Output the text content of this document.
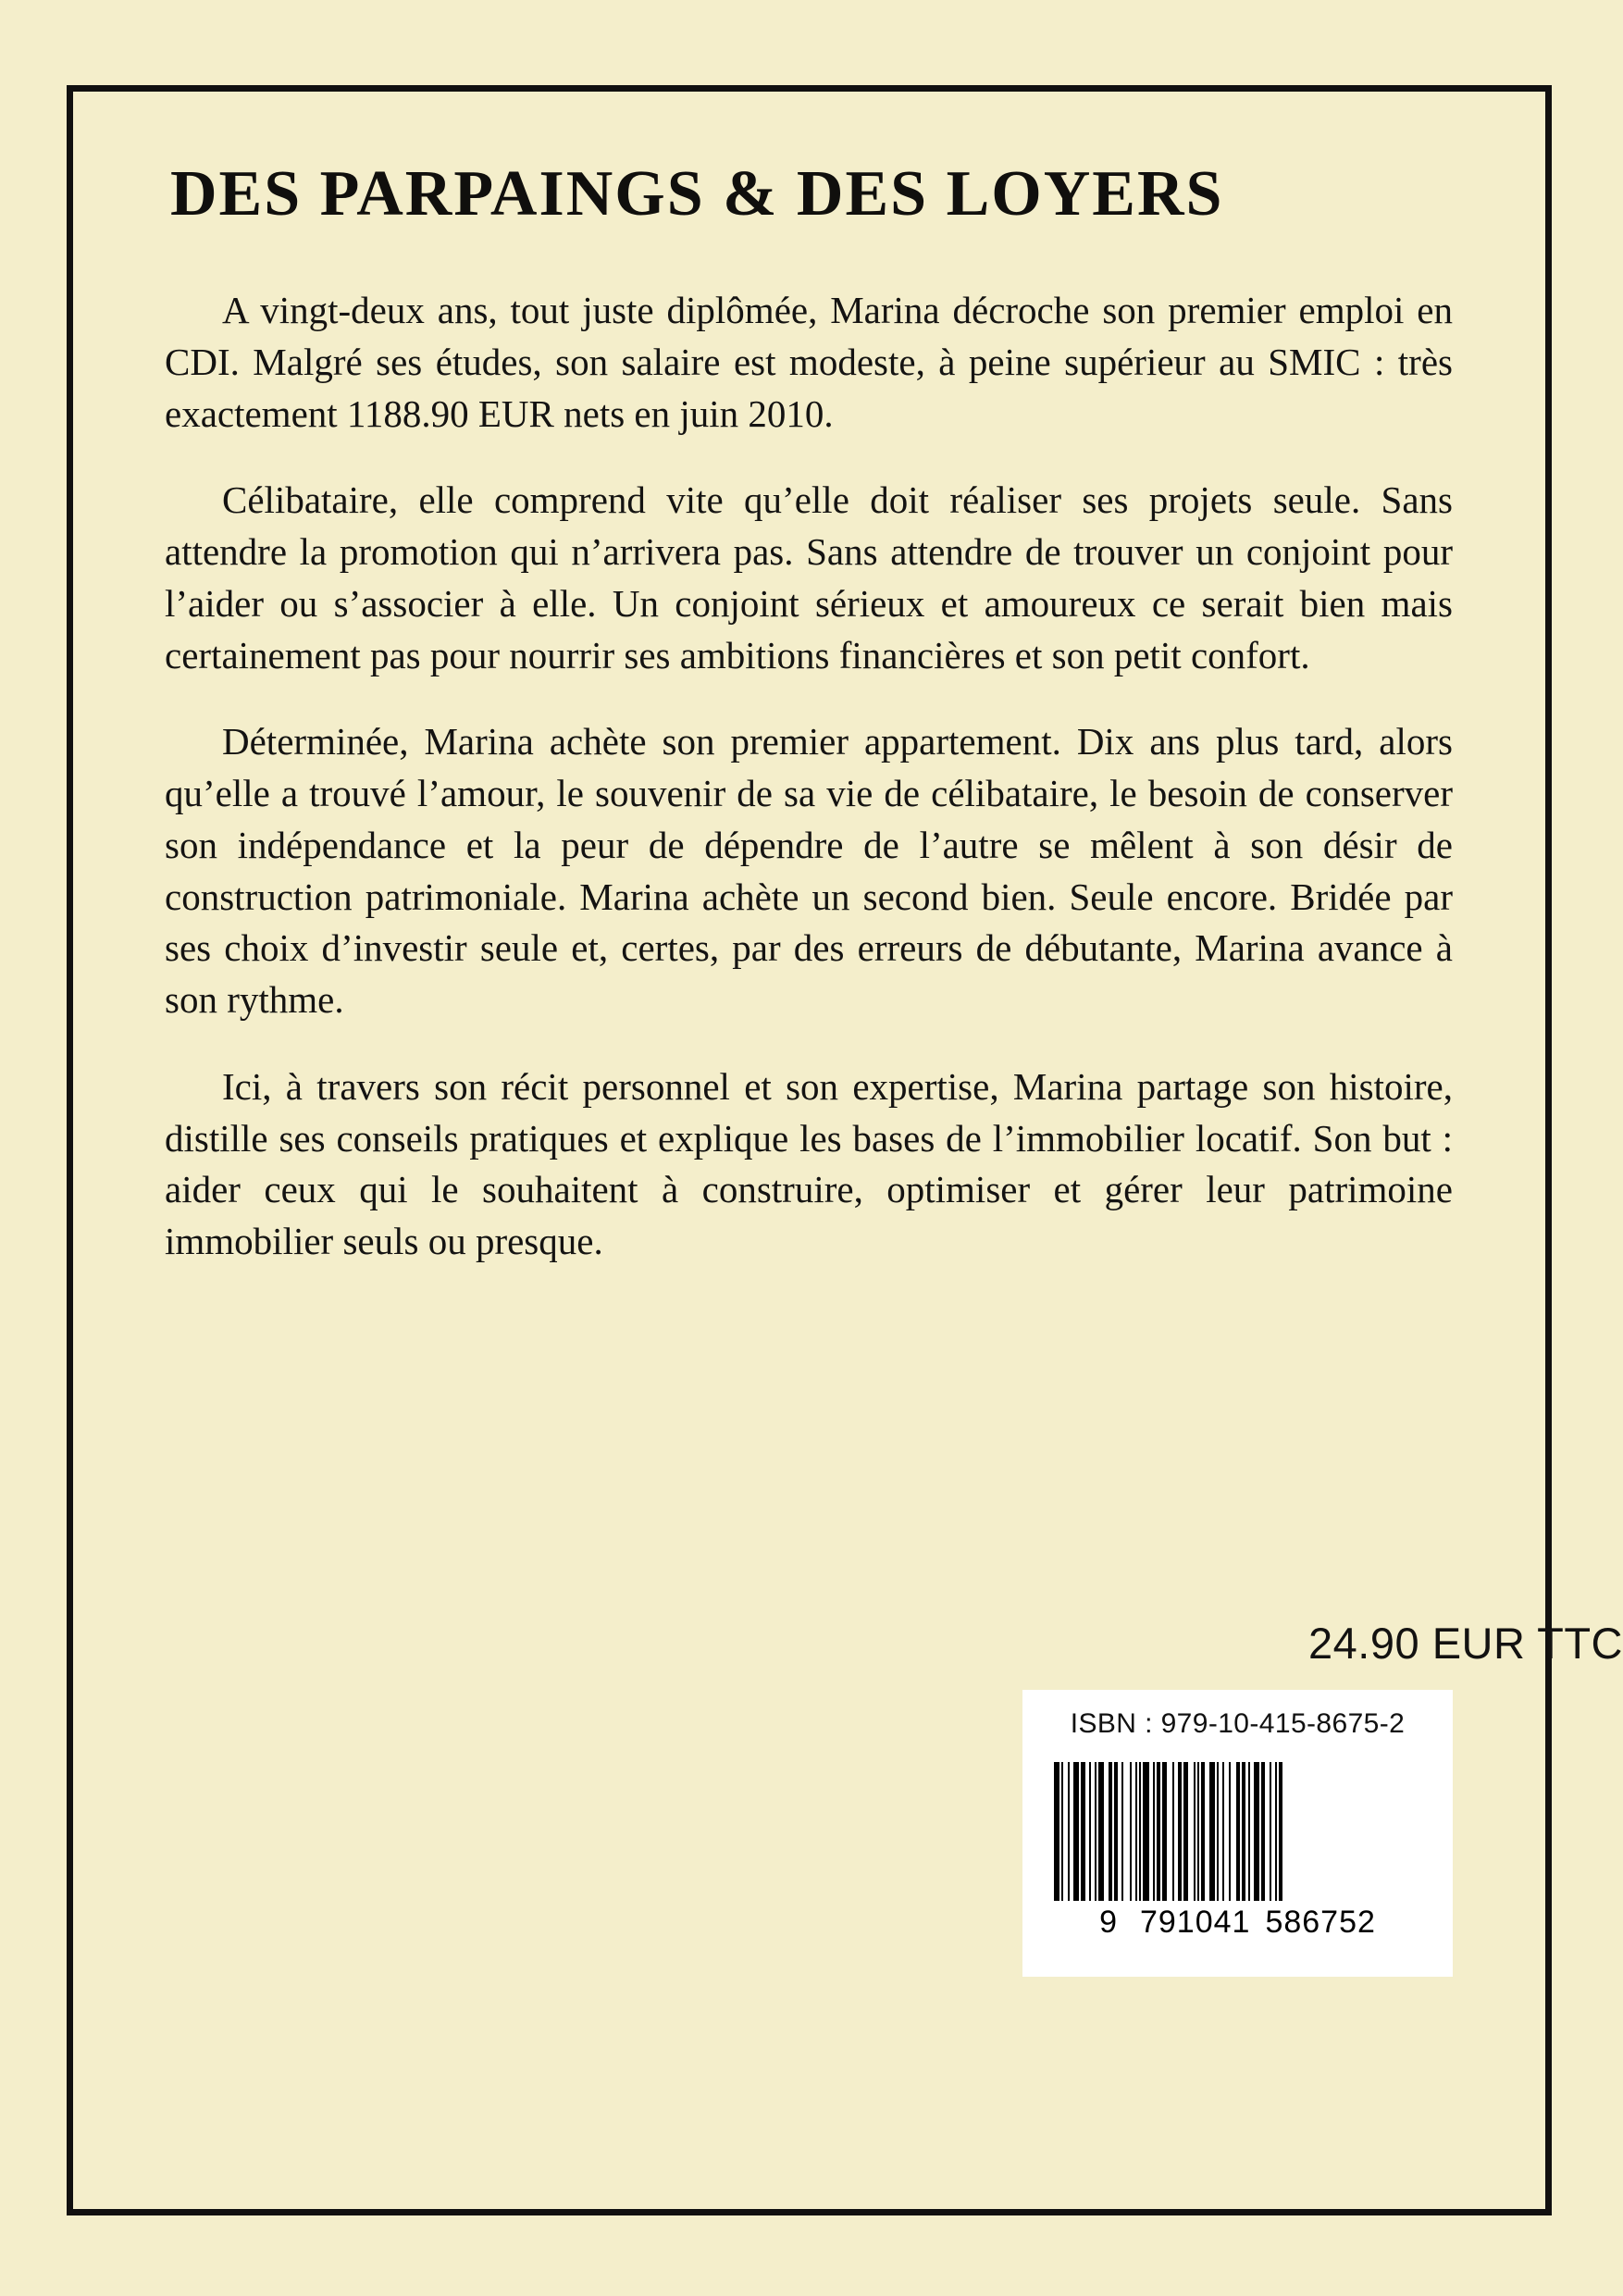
DES PARPAINGS & DES LOYERS

A vingt-deux ans, tout juste diplômée, Marina décroche son premier emploi en CDI. Malgré ses études, son salaire est modeste, à peine supérieur au SMIC : très exactement 1188.90 EUR nets en juin 2010.

Célibataire, elle comprend vite qu’elle doit réaliser ses projets seule. Sans attendre la promotion qui n’arrivera pas. Sans attendre de trouver un conjoint pour l’aider ou s’associer à elle. Un conjoint sérieux et amoureux ce serait bien mais certainement pas pour nourrir ses ambitions financières et son petit confort.

Déterminée, Marina achète son premier appartement. Dix ans plus tard, alors qu’elle a trouvé l’amour, le souvenir de sa vie de célibataire, le besoin de conserver son indépendance et la peur de dépendre de l’autre se mêlent à son désir de construction patrimoniale. Marina achète un second bien. Seule encore. Bridée par ses choix d’investir seule et, certes, par des erreurs de débutante, Marina avance à son rythme.

Ici, à travers son récit personnel et son expertise, Marina partage son histoire, distille ses conseils pratiques et explique les bases de l’immobilier locatif. Son but : aider ceux qui le souhaitent à construire, optimiser et gérer leur patrimoine immobilier seuls ou presque.

24.90 EUR TTC
ISBN : 979-10-415-8675-2
9 791041 586752
